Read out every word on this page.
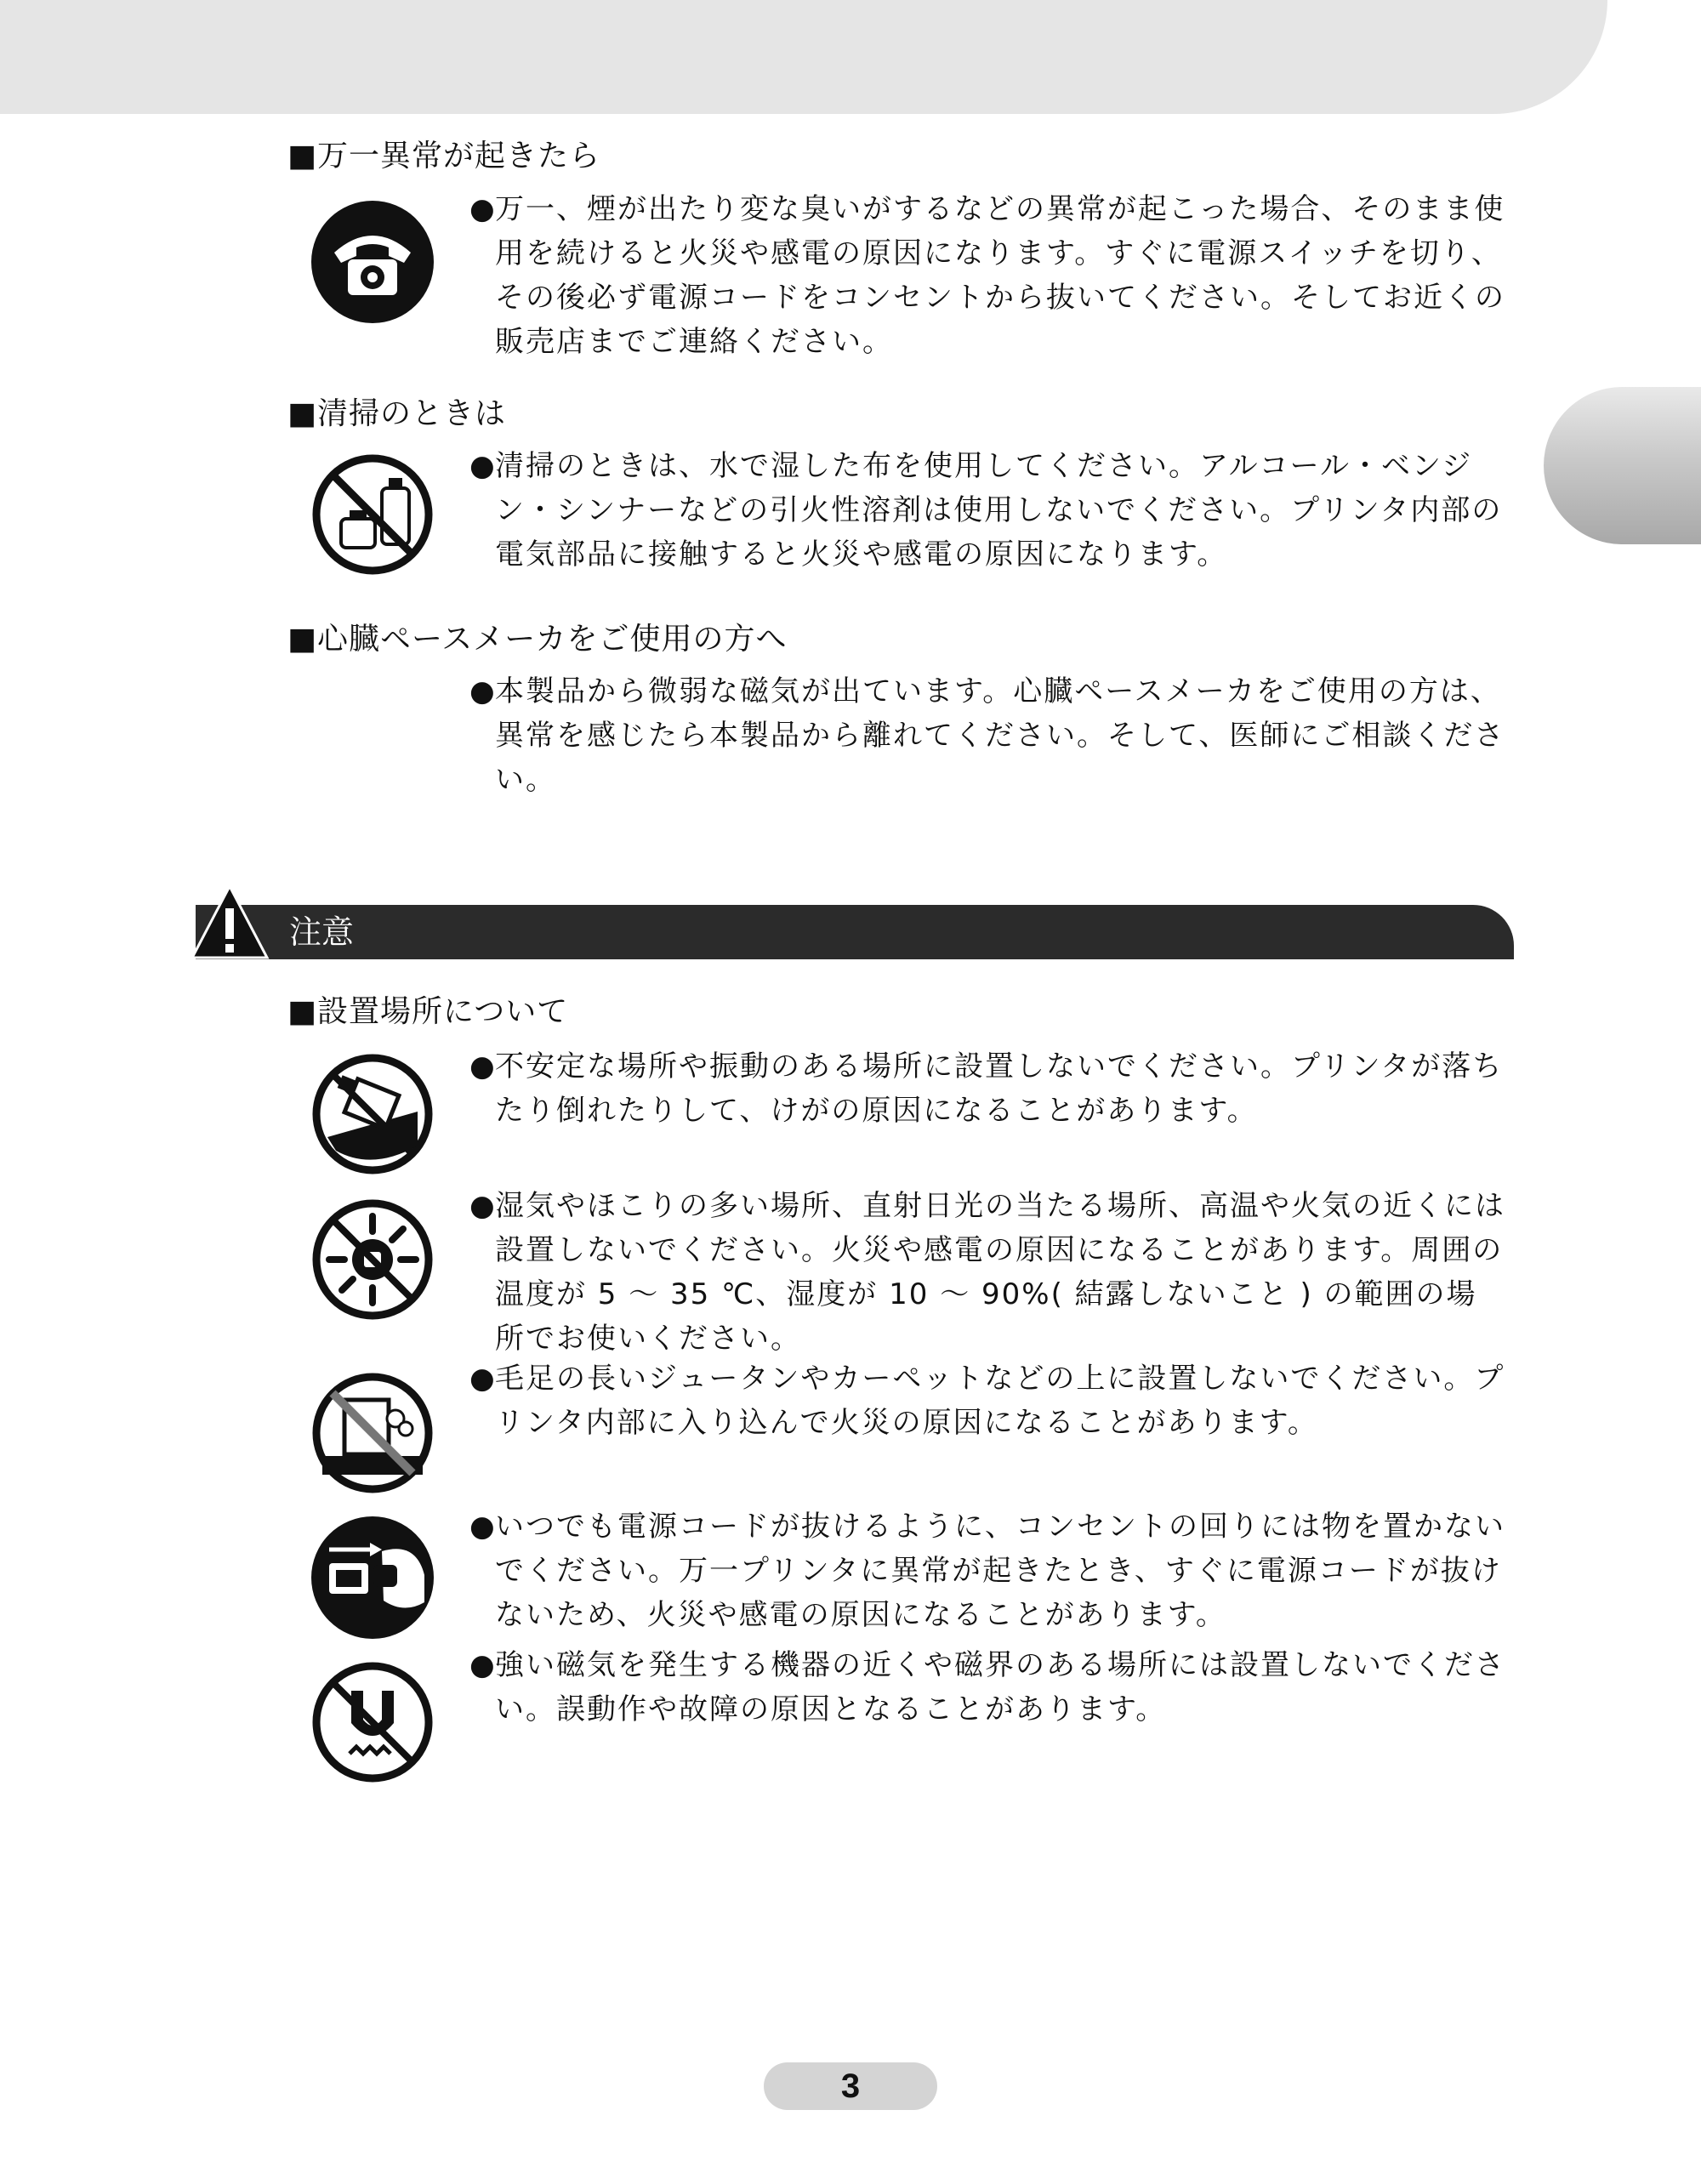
■万一異常が起きたら

●
万一、煙が出たり変な臭いがするなどの異常が起こった場合、そのまま使用を続けると火災や感電の原因になります。すぐに電源スイッチを切り、その後必ず電源コードをコンセントから抜いてください。そしてお近くの販売店までご連絡ください。

■清掃のときは

●
清掃のときは、水で湿した布を使用してください。アルコール・ベンジン・シンナーなどの引火性溶剤は使用しないでください。プリンタ内部の電気部品に接触すると火災や感電の原因になります。

■心臓ペースメーカをご使用の方へ

●
本製品から微弱な磁気が出ています。心臓ペースメーカをご使用の方は、異常を感じたら本製品から離れてください。そして、医師にご相談ください。

注意
■設置場所について

●
不安定な場所や振動のある場所に設置しないでください。プリンタが落ちたり倒れたりして、けがの原因になることがあります。

●
湿気やほこりの多い場所、直射日光の当たる場所、高温や火気の近くには設置しないでください。火災や感電の原因になることがあります。周囲の温度が 5 ～ 35 ℃、湿度が 10 ～ 90%( 結露しないこと ) の範囲の場所でお使いください。

●
毛足の長いジュータンやカーペットなどの上に設置しないでください。プリンタ内部に入り込んで火災の原因になることがあります。

●
いつでも電源コードが抜けるように、コンセントの回りには物を置かないでください。万一プリンタに異常が起きたとき、すぐに電源コードが抜けないため、火災や感電の原因になることがあります。

●
強い磁気を発生する機器の近くや磁界のある場所には設置しないでください。誤動作や故障の原因となることがあります。

3
